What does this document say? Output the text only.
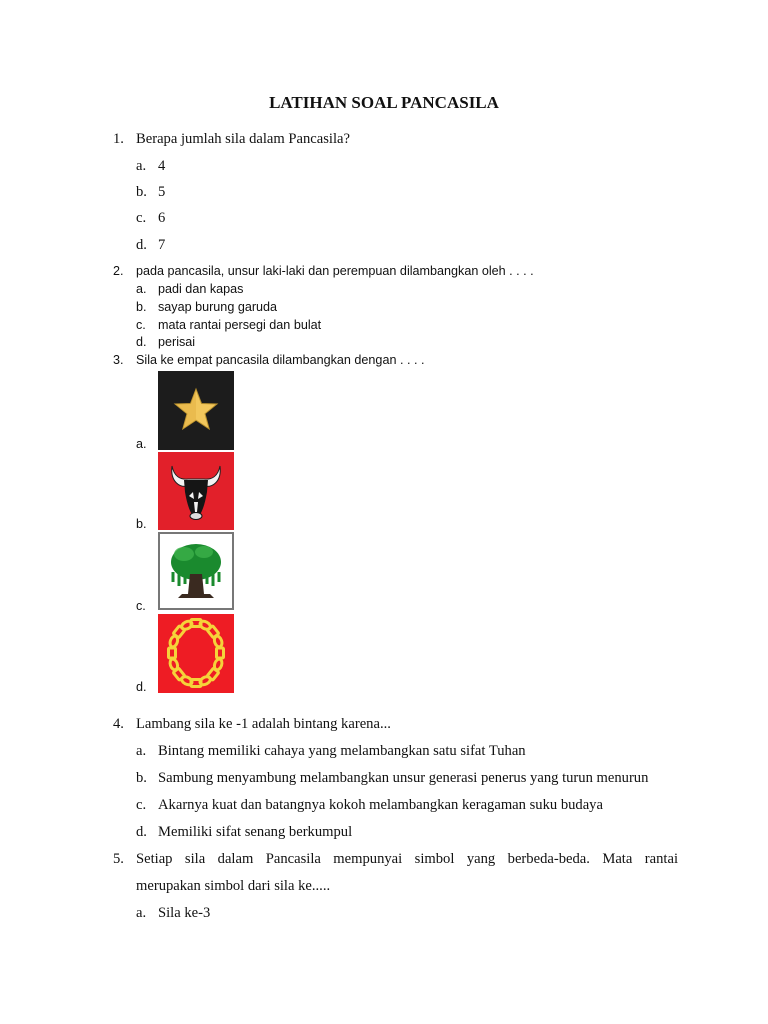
LATIHAN SOAL PANCASILA
1. Berapa jumlah sila dalam Pancasila?
a. 4
b. 5
c. 6
d. 7
2. pada pancasila, unsur laki-laki dan perempuan dilambangkan oleh . . . .
a. padi dan kapas
b. sayap burung garuda
c. mata rantai persegi dan bulat
d. perisai
3. Sila ke empat pancasila dilambangkan dengan . . . .
a.
b.
c.
d.
4. Lambang sila ke -1 adalah bintang karena...
a. Bintang memiliki cahaya yang melambangkan satu sifat Tuhan
b. Sambung menyambung melambangkan unsur generasi penerus yang turun menurun
c. Akarnya kuat dan batangnya kokoh melambangkan keragaman suku budaya
d. Memiliki sifat senang berkumpul
5. Setiap sila dalam Pancasila mempunyai simbol yang berbeda-beda. Mata rantai
merupakan simbol dari sila ke.....
a. Sila ke-3
